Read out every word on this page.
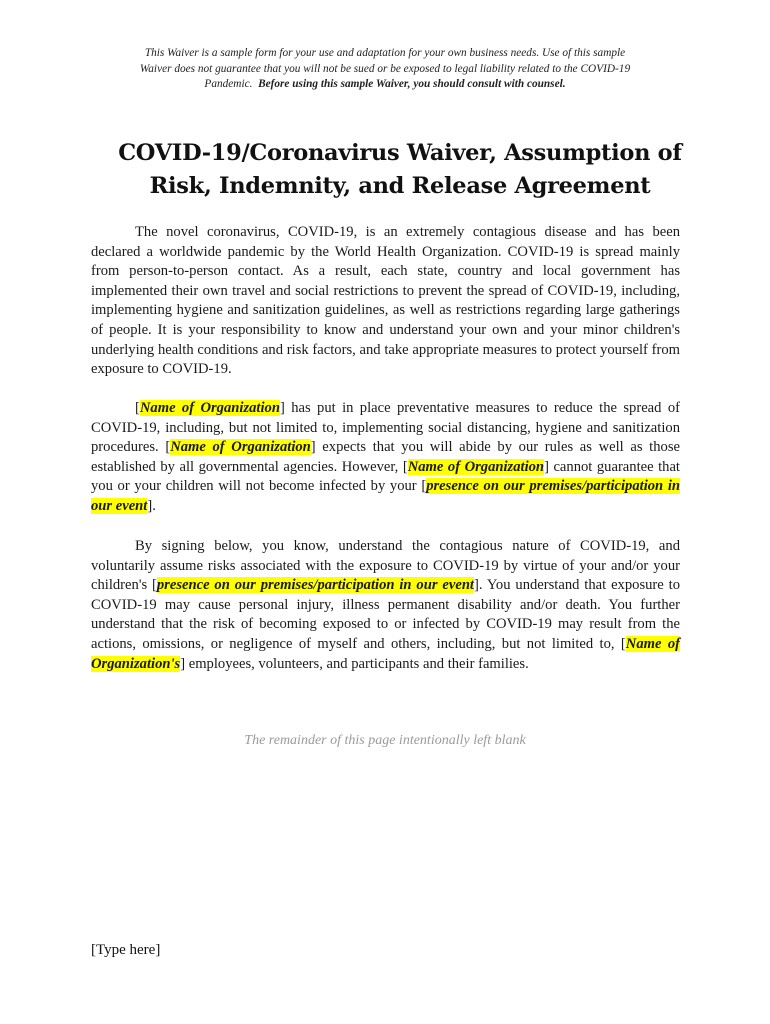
This Waiver is a sample form for your use and adaptation for your own business needs. Use of this sample
Waiver does not guarantee that you will not be sued or be exposed to legal liability related to the COVID-19
Pandemic. Before using this sample Waiver, you should consult with counsel.
COVID-19/Coronavirus Waiver, Assumption of
Risk, Indemnity, and Release Agreement
The novel coronavirus, COVID-19, is an extremely contagious disease and has been declared a worldwide pandemic by the World Health Organization. COVID-19 is spread mainly from person-to-person contact. As a result, each state, country and local government has implemented their own travel and social restrictions to prevent the spread of COVID-19, including, implementing hygiene and sanitization guidelines, as well as restrictions regarding large gatherings of people. It is your responsibility to know and understand your own and your minor children's underlying health conditions and risk factors, and take appropriate measures to protect yourself from exposure to COVID-19.
[Name of Organization] has put in place preventative measures to reduce the spread of COVID-19, including, but not limited to, implementing social distancing, hygiene and sanitization procedures. [Name of Organization] expects that you will abide by our rules as well as those established by all governmental agencies. However, [Name of Organization] cannot guarantee that you or your children will not become infected by your [presence on our premises/participation in our event].
By signing below, you know, understand the contagious nature of COVID-19, and voluntarily assume risks associated with the exposure to COVID-19 by virtue of your and/or your children's [presence on our premises/participation in our event]. You understand that exposure to COVID-19 may cause personal injury, illness permanent disability and/or death. You further understand that the risk of becoming exposed to or infected by COVID-19 may result from the actions, omissions, or negligence of myself and others, including, but not limited to, [Name of Organization's] employees, volunteers, and participants and their families.
The remainder of this page intentionally left blank
[Type here]
